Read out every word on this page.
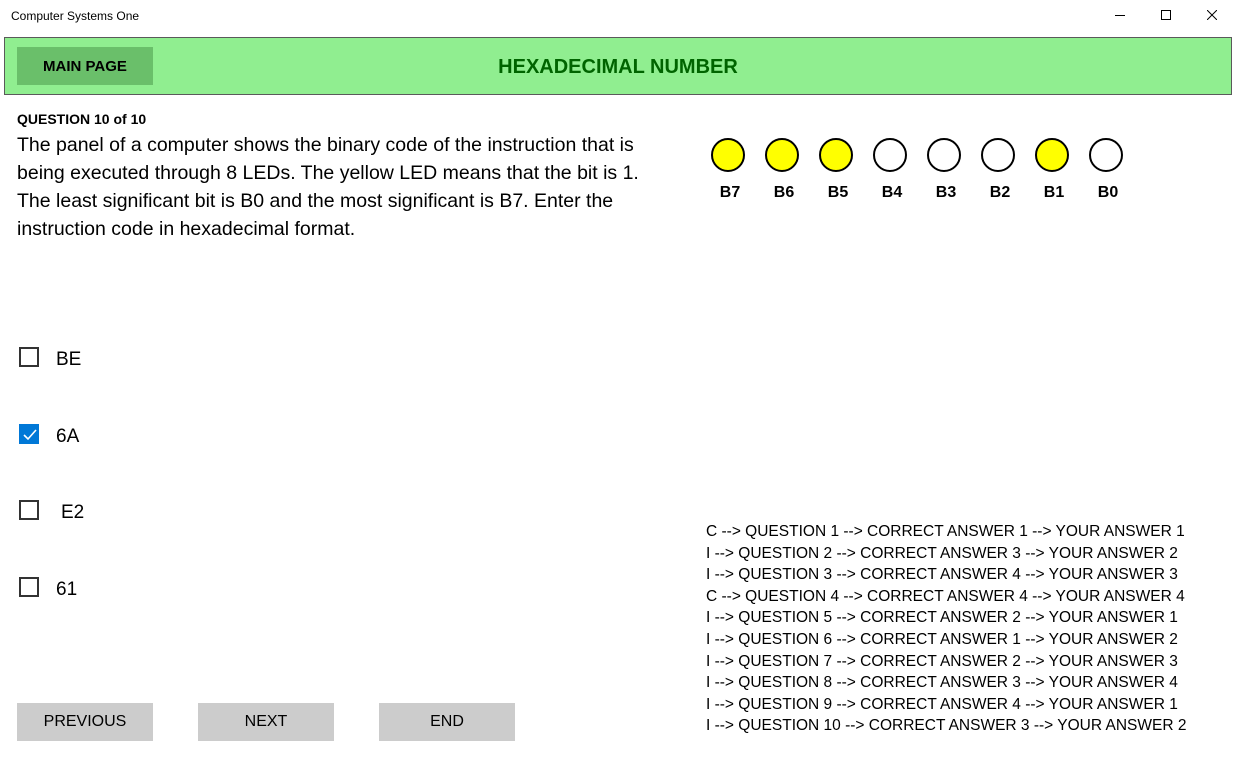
Computer Systems One
MAIN PAGE	HEXADECIMAL NUMBER
QUESTION 10 of 10
The panel of a computer shows the binary code of the instruction that is being executed through 8 LEDs. The yellow LED means that the bit is 1. The least significant bit is B0 and the most significant is B7. Enter the instruction code in hexadecimal format.
B7	B6	B5	B4	B3	B2	B1	B0
BE
6A
E2
61
PREVIOUS	NEXT	END
C --> QUESTION 1 --> CORRECT ANSWER 1 --> YOUR ANSWER 1
I --> QUESTION 2 --> CORRECT ANSWER 3 --> YOUR ANSWER 2
I --> QUESTION 3 --> CORRECT ANSWER 4 --> YOUR ANSWER 3
C --> QUESTION 4 --> CORRECT ANSWER 4 --> YOUR ANSWER 4
I --> QUESTION 5 --> CORRECT ANSWER 2 --> YOUR ANSWER 1
I --> QUESTION 6 --> CORRECT ANSWER 1 --> YOUR ANSWER 2
I --> QUESTION 7 --> CORRECT ANSWER 2 --> YOUR ANSWER 3
I --> QUESTION 8 --> CORRECT ANSWER 3 --> YOUR ANSWER 4
I --> QUESTION 9 --> CORRECT ANSWER 4 --> YOUR ANSWER 1
I --> QUESTION 10 --> CORRECT ANSWER 3 --> YOUR ANSWER 2
